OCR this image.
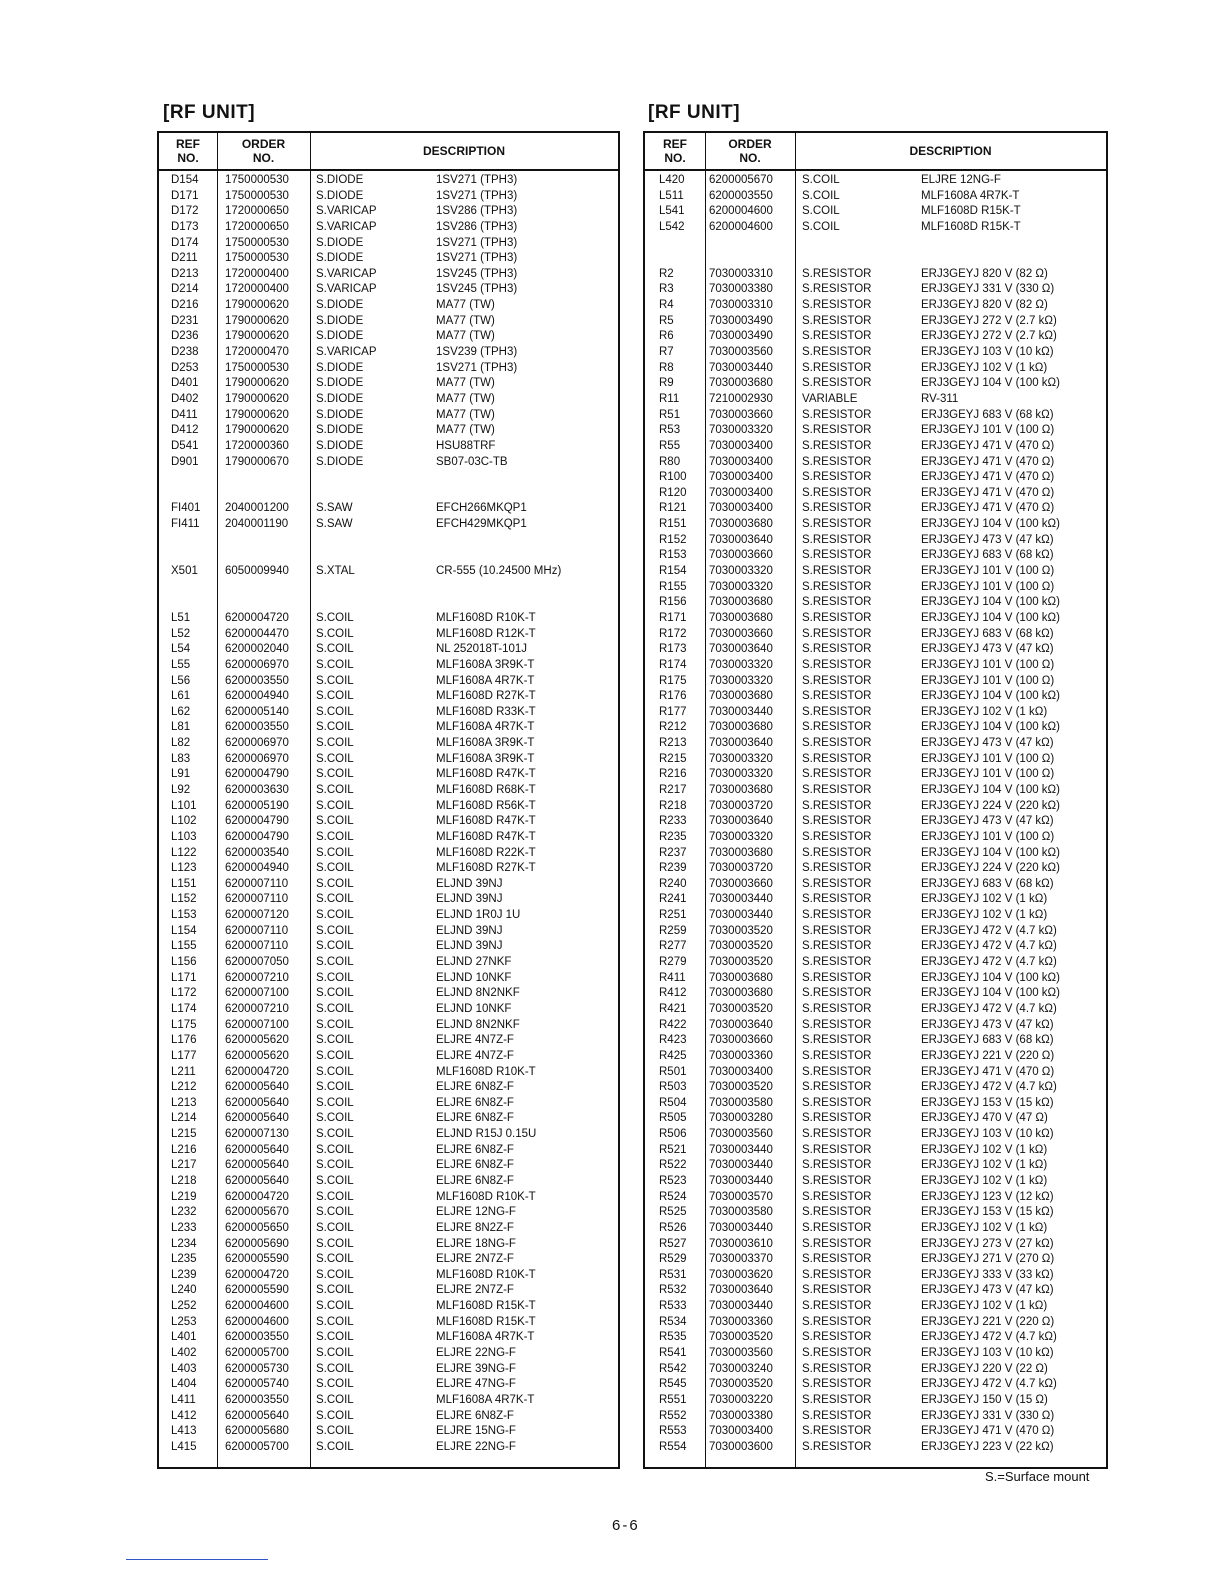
[RF UNIT]
REF
NO.
ORDER
NO.	DESCRIPTION
D154 1750000530 S.DIODE	1SV271 (TPH3)
D171 1750000530 S.DIODE	1SV271 (TPH3)
D172 1720000650 S.VARICAP	1SV286 (TPH3)
D173 1720000650 S.VARICAP	1SV286 (TPH3)
D174 1750000530 S.DIODE	1SV271 (TPH3)
D211 1750000530 S.DIODE	1SV271 (TPH3)
D213 1720000400 S.VARICAP	1SV245 (TPH3)
D214 1720000400 S.VARICAP	1SV245 (TPH3)
D216 1790000620 S.DIODE	MA77 (TW)
D231 1790000620 S.DIODE	MA77 (TW)
D236 1790000620 S.DIODE	MA77 (TW)
D238 1720000470 S.VARICAP	1SV239 (TPH3)
D253 1750000530 S.DIODE	1SV271 (TPH3)
D401 1790000620 S.DIODE	MA77 (TW)
D402 1790000620 S.DIODE	MA77 (TW)
D411 1790000620 S.DIODE	MA77 (TW)
D412 1790000620 S.DIODE	MA77 (TW)
D541 1720000360 S.DIODE	HSU88TRF
D901 1790000670 S.DIODE	SB07-03C-TB
FI401 2040001200 S.SAW	EFCH266MKQP1
FI411 2040001190 S.SAW	EFCH429MKQP1
X501 6050009940 S.XTAL	CR-555 (10.24500 MHz)
L51	6200004720 S.COIL	MLF1608D R10K-T
L52	6200004470 S.COIL	MLF1608D R12K-T
L54	6200002040 S.COIL	NL 252018T-101J
L55	6200006970 S.COIL	MLF1608A 3R9K-T
L56	6200003550 S.COIL	MLF1608A 4R7K-T
L61	6200004940 S.COIL	MLF1608D R27K-T
L62	6200005140 S.COIL	MLF1608D R33K-T
L81	6200003550 S.COIL	MLF1608A 4R7K-T
L82	6200006970 S.COIL	MLF1608A 3R9K-T
L83	6200006970 S.COIL	MLF1608A 3R9K-T
L91	6200004790 S.COIL	MLF1608D R47K-T
L92	6200003630 S.COIL	MLF1608D R68K-T
L101 6200005190 S.COIL	MLF1608D R56K-T
L102 6200004790 S.COIL	MLF1608D R47K-T
L103 6200004790 S.COIL	MLF1608D R47K-T
L122 6200003540 S.COIL	MLF1608D R22K-T
L123 6200004940 S.COIL	MLF1608D R27K-T
L151 6200007110 S.COIL	ELJND 39NJ
L152 6200007110 S.COIL	ELJND 39NJ
L153 6200007120 S.COIL	ELJND 1R0J 1U
L154 6200007110 S.COIL	ELJND 39NJ
L155 6200007110 S.COIL	ELJND 39NJ
L156 6200007050 S.COIL	ELJND 27NKF
L171 6200007210 S.COIL	ELJND 10NKF
L172 6200007100 S.COIL	ELJND 8N2NKF
L174 6200007210 S.COIL	ELJND 10NKF
L175 6200007100 S.COIL	ELJND 8N2NKF
L176 6200005620 S.COIL	ELJRE 4N7Z-F
L177 6200005620 S.COIL	ELJRE 4N7Z-F
L211	6200004720 S.COIL	MLF1608D R10K-T
L212 6200005640 S.COIL	ELJRE 6N8Z-F
L213 6200005640 S.COIL	ELJRE 6N8Z-F
L214 6200005640 S.COIL	ELJRE 6N8Z-F
L215 6200007130 S.COIL	ELJND R15J 0.15U
L216 6200005640 S.COIL	ELJRE 6N8Z-F
L217 6200005640 S.COIL	ELJRE 6N8Z-F
L218 6200005640 S.COIL	ELJRE 6N8Z-F
L219 6200004720 S.COIL	MLF1608D R10K-T
L232 6200005670 S.COIL	ELJRE 12NG-F
L233 6200005650 S.COIL	ELJRE 8N2Z-F
L234 6200005690 S.COIL	ELJRE 18NG-F
L235 6200005590 S.COIL	ELJRE 2N7Z-F
L239 6200004720 S.COIL	MLF1608D R10K-T
L240 6200005590 S.COIL	ELJRE 2N7Z-F
L252 6200004600 S.COIL	MLF1608D R15K-T
L253 6200004600 S.COIL	MLF1608D R15K-T
L401 6200003550 S.COIL	MLF1608A 4R7K-T
L402 6200005700 S.COIL	ELJRE 22NG-F
L403 6200005730 S.COIL	ELJRE 39NG-F
L404 6200005740 S.COIL	ELJRE 47NG-F
L411	6200003550 S.COIL	MLF1608A 4R7K-T
L412 6200005640 S.COIL	ELJRE 6N8Z-F
L413 6200005680 S.COIL	ELJRE 15NG-F
L415 6200005700 S.COIL	ELJRE 22NG-F
[RF UNIT]
REF
NO.
ORDER
NO.	DESCRIPTION
L420 6200005670	S.COIL	ELJRE 12NG-F
L511 6200003550	S.COIL	MLF1608A 4R7K-T
L541 6200004600	S.COIL	MLF1608D R15K-T
L542 6200004600	S.COIL	MLF1608D R15K-T
R2	7030003310	S.RESISTOR	ERJ3GEYJ 820 V (82 Ω)
R3	7030003380	S.RESISTOR	ERJ3GEYJ 331 V (330 Ω)
R4	7030003310	S.RESISTOR	ERJ3GEYJ 820 V (82 Ω)
R5	7030003490	S.RESISTOR	ERJ3GEYJ 272 V (2.7 kΩ)
R6	7030003490	S.RESISTOR	ERJ3GEYJ 272 V (2.7 kΩ)
R7	7030003560	S.RESISTOR	ERJ3GEYJ 103 V (10 kΩ)
R8	7030003440	S.RESISTOR	ERJ3GEYJ 102 V (1 kΩ)
R9	7030003680	S.RESISTOR	ERJ3GEYJ 104 V (100 kΩ)
R11	7210002930	VARIABLE	RV-311
R51	7030003660	S.RESISTOR	ERJ3GEYJ 683 V (68 kΩ)
R53	7030003320	S.RESISTOR	ERJ3GEYJ 101 V (100 Ω)
R55	7030003400	S.RESISTOR	ERJ3GEYJ 471 V (470 Ω)
R80	7030003400	S.RESISTOR	ERJ3GEYJ 471 V (470 Ω)
R100 7030003400	S.RESISTOR	ERJ3GEYJ 471 V (470 Ω)
R120 7030003400	S.RESISTOR	ERJ3GEYJ 471 V (470 Ω)
R121 7030003400	S.RESISTOR	ERJ3GEYJ 471 V (470 Ω)
R151 7030003680	S.RESISTOR	ERJ3GEYJ 104 V (100 kΩ)
R152 7030003640	S.RESISTOR	ERJ3GEYJ 473 V (47 kΩ)
R153 7030003660	S.RESISTOR	ERJ3GEYJ 683 V (68 kΩ)
R154 7030003320	S.RESISTOR	ERJ3GEYJ 101 V (100 Ω)
R155 7030003320	S.RESISTOR	ERJ3GEYJ 101 V (100 Ω)
R156 7030003680	S.RESISTOR	ERJ3GEYJ 104 V (100 kΩ)
R171 7030003680	S.RESISTOR	ERJ3GEYJ 104 V (100 kΩ)
R172 7030003660	S.RESISTOR	ERJ3GEYJ 683 V (68 kΩ)
R173 7030003640	S.RESISTOR	ERJ3GEYJ 473 V (47 kΩ)
R174 7030003320	S.RESISTOR	ERJ3GEYJ 101 V (100 Ω)
R175 7030003320	S.RESISTOR	ERJ3GEYJ 101 V (100 Ω)
R176 7030003680	S.RESISTOR	ERJ3GEYJ 104 V (100 kΩ)
R177 7030003440	S.RESISTOR	ERJ3GEYJ 102 V (1 kΩ)
R212 7030003680	S.RESISTOR	ERJ3GEYJ 104 V (100 kΩ)
R213 7030003640	S.RESISTOR	ERJ3GEYJ 473 V (47 kΩ)
R215 7030003320	S.RESISTOR	ERJ3GEYJ 101 V (100 Ω)
R216 7030003320	S.RESISTOR	ERJ3GEYJ 101 V (100 Ω)
R217 7030003680	S.RESISTOR	ERJ3GEYJ 104 V (100 kΩ)
R218 7030003720	S.RESISTOR	ERJ3GEYJ 224 V (220 kΩ)
R233 7030003640	S.RESISTOR	ERJ3GEYJ 473 V (47 kΩ)
R235 7030003320	S.RESISTOR	ERJ3GEYJ 101 V (100 Ω)
R237 7030003680	S.RESISTOR	ERJ3GEYJ 104 V (100 kΩ)
R239 7030003720	S.RESISTOR	ERJ3GEYJ 224 V (220 kΩ)
R240 7030003660	S.RESISTOR	ERJ3GEYJ 683 V (68 kΩ)
R241 7030003440	S.RESISTOR	ERJ3GEYJ 102 V (1 kΩ)
R251 7030003440	S.RESISTOR	ERJ3GEYJ 102 V (1 kΩ)
R259 7030003520	S.RESISTOR	ERJ3GEYJ 472 V (4.7 kΩ)
R277 7030003520	S.RESISTOR	ERJ3GEYJ 472 V (4.7 kΩ)
R279 7030003520	S.RESISTOR	ERJ3GEYJ 472 V (4.7 kΩ)
R411 7030003680	S.RESISTOR	ERJ3GEYJ 104 V (100 kΩ)
R412 7030003680	S.RESISTOR	ERJ3GEYJ 104 V (100 kΩ)
R421 7030003520	S.RESISTOR	ERJ3GEYJ 472 V (4.7 kΩ)
R422 7030003640	S.RESISTOR	ERJ3GEYJ 473 V (47 kΩ)
R423 7030003660	S.RESISTOR	ERJ3GEYJ 683 V (68 kΩ)
R425 7030003360	S.RESISTOR	ERJ3GEYJ 221 V (220 Ω)
R501 7030003400	S.RESISTOR	ERJ3GEYJ 471 V (470 Ω)
R503 7030003520	S.RESISTOR	ERJ3GEYJ 472 V (4.7 kΩ)
R504 7030003580	S.RESISTOR	ERJ3GEYJ 153 V (15 kΩ)
R505 7030003280	S.RESISTOR	ERJ3GEYJ 470 V (47 Ω)
R506 7030003560	S.RESISTOR	ERJ3GEYJ 103 V (10 kΩ)
R521 7030003440	S.RESISTOR	ERJ3GEYJ 102 V (1 kΩ)
R522 7030003440	S.RESISTOR	ERJ3GEYJ 102 V (1 kΩ)
R523 7030003440	S.RESISTOR	ERJ3GEYJ 102 V (1 kΩ)
R524 7030003570	S.RESISTOR	ERJ3GEYJ 123 V (12 kΩ)
R525 7030003580	S.RESISTOR	ERJ3GEYJ 153 V (15 kΩ)
R526 7030003440	S.RESISTOR	ERJ3GEYJ 102 V (1 kΩ)
R527 7030003610	S.RESISTOR	ERJ3GEYJ 273 V (27 kΩ)
R529 7030003370	S.RESISTOR	ERJ3GEYJ 271 V (270 Ω)
R531 7030003620	S.RESISTOR	ERJ3GEYJ 333 V (33 kΩ)
R532 7030003640	S.RESISTOR	ERJ3GEYJ 473 V (47 kΩ)
R533 7030003440	S.RESISTOR	ERJ3GEYJ 102 V (1 kΩ)
R534 7030003360	S.RESISTOR	ERJ3GEYJ 221 V (220 Ω)
R535 7030003520	S.RESISTOR	ERJ3GEYJ 472 V (4.7 kΩ)
R541 7030003560	S.RESISTOR	ERJ3GEYJ 103 V (10 kΩ)
R542 7030003240	S.RESISTOR	ERJ3GEYJ 220 V (22 Ω)
R545 7030003520	S.RESISTOR	ERJ3GEYJ 472 V (4.7 kΩ)
R551 7030003220	S.RESISTOR	ERJ3GEYJ 150 V (15 Ω)
R552 7030003380	S.RESISTOR	ERJ3GEYJ 331 V (330 Ω)
R553 7030003400	S.RESISTOR	ERJ3GEYJ 471 V (470 Ω)
R554 7030003600	S.RESISTOR	ERJ3GEYJ 223 V (22 kΩ)
S.=Surface mount
6-6
